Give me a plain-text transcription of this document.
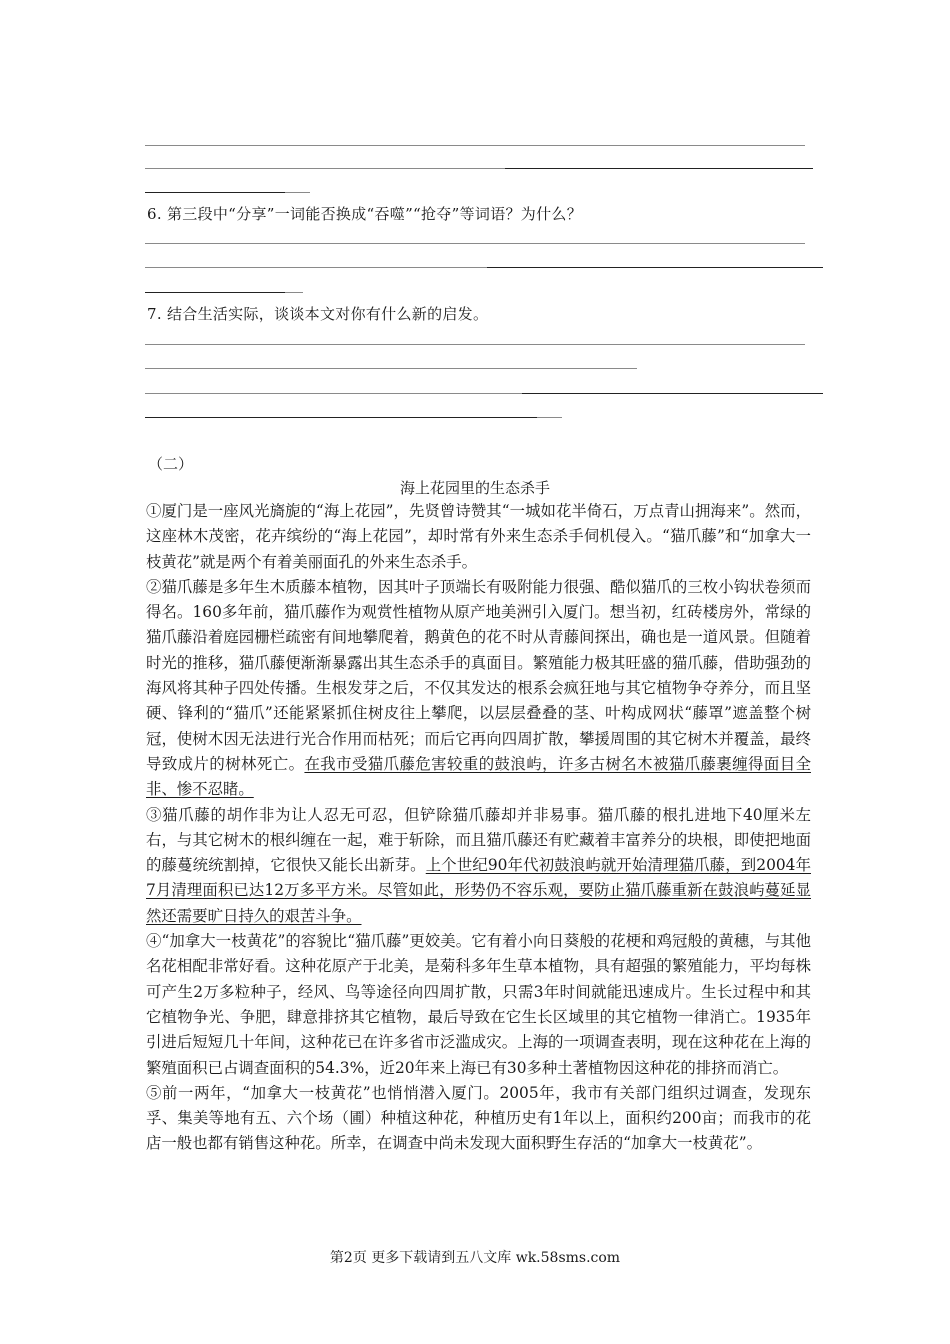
6. 第三段中“分享”一词能否换成“吞噬”“抢夺”等词语？为什么？
7. 结合生活实际，谈谈本文对你有什么新的启发。
（二）
海上花园里的生态杀手

①厦门是一座风光旖旎的“海上花园”，先贤曾诗赞其“一城如花半倚石，万点青山拥海来”。然而，这座林木茂密，花卉缤纷的“海上花园”，却时常有外来生态杀手伺机侵入。“猫爪藤”和“加拿大一枝黄花”就是两个有着美丽面孔的外来生态杀手。

②猫爪藤是多年生木质藤本植物，因其叶子顶端长有吸附能力很强、酷似猫爪的三枚小钩状卷须而得名。160多年前，猫爪藤作为观赏性植物从原产地美洲引入厦门。想当初，红砖楼房外，常绿的猫爪藤沿着庭园栅栏疏密有间地攀爬着，鹅黄色的花不时从青藤间探出，确也是一道风景。但随着时光的推移，猫爪藤便渐渐暴露出其生态杀手的真面目。繁殖能力极其旺盛的猫爪藤，借助强劲的海风将其种子四处传播。生根发芽之后，不仅其发达的根系会疯狂地与其它植物争夺养分，而且坚硬、锋利的“猫爪”还能紧紧抓住树皮往上攀爬，以层层叠叠的茎、叶构成网状“藤罩”遮盖整个树冠，使树木因无法进行光合作用而枯死；而后它再向四周扩散，攀援周围的其它树木并覆盖，最终导致成片的树林死亡。在我市受猫爪藤危害较重的鼓浪屿，许多古树名木被猫爪藤裹缠得面目全非、惨不忍睹。

③猫爪藤的胡作非为让人忍无可忍，但铲除猫爪藤却并非易事。猫爪藤的根扎进地下40厘米左右，与其它树木的根纠缠在一起，难于斩除，而且猫爪藤还有贮藏着丰富养分的块根，即使把地面的藤蔓统统割掉，它很快又能长出新芽。上个世纪90年代初鼓浪屿就开始清理猫爪藤，到2004年7月清理面积已达12万多平方米。尽管如此，形势仍不容乐观，要防止猫爪藤重新在鼓浪屿蔓延显然还需要旷日持久的艰苦斗争。

④“加拿大一枝黄花”的容貌比“猫爪藤”更姣美。它有着小向日葵般的花梗和鸡冠般的黄穗，与其他名花相配非常好看。这种花原产于北美，是菊科多年生草本植物，具有超强的繁殖能力，平均每株可产生2万多粒种子，经风、鸟等途径向四周扩散，只需3年时间就能迅速成片。生长过程中和其它植物争光、争肥，肆意排挤其它植物，最后导致在它生长区域里的其它植物一律消亡。1935年引进后短短几十年间，这种花已在许多省市泛滥成灾。上海的一项调查表明，现在这种花在上海的繁殖面积已占调查面积的54.3%，近20年来上海已有30多种土著植物因这种花的排挤而消亡。

⑤前一两年，“加拿大一枝黄花”也悄悄潜入厦门。2005年，我市有关部门组织过调查，发现东孚、集美等地有五、六个场（圃）种植这种花，种植历史有1年以上，面积约200亩；而我市的花店一般也都有销售这种花。所幸，在调查中尚未发现大面积野生存活的“加拿大一枝黄花”。

第2页 更多下载请到五八文库 wk.58sms.com
